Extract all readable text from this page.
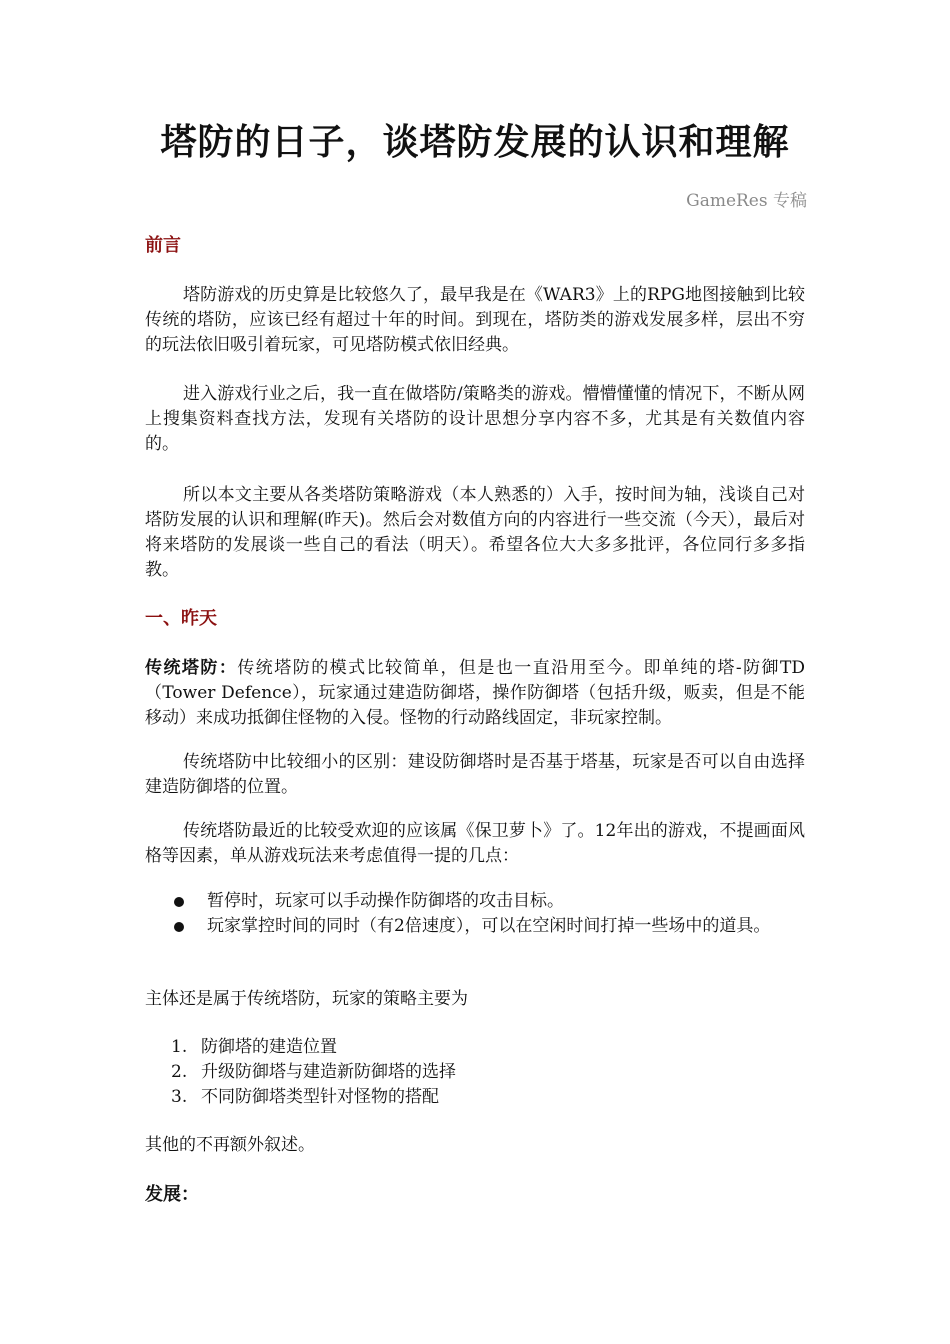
塔防的日子，谈塔防发展的认识和理解
GameRes 专稿
前言

塔防游戏的历史算是比较悠久了，最早我是在《WAR3》上的RPG地图接触到比较传统的塔防，应该已经有超过十年的时间。到现在，塔防类的游戏发展多样，层出不穷的玩法依旧吸引着玩家，可见塔防模式依旧经典。

进入游戏行业之后，我一直在做塔防/策略类的游戏。懵懵懂懂的情况下，不断从网上搜集资料查找方法，发现有关塔防的设计思想分享内容不多，尤其是有关数值内容的。

所以本文主要从各类塔防策略游戏（本人熟悉的）入手，按时间为轴，浅谈自己对塔防发展的认识和理解(昨天)。然后会对数值方向的内容进行一些交流（今天），最后对将来塔防的发展谈一些自己的看法（明天）。希望各位大大多多批评，各位同行多多指教。

一、昨天

传统塔防：传统塔防的模式比较简单，但是也一直沿用至今。即单纯的塔-防御TD（Tower Defence），玩家通过建造防御塔，操作防御塔（包括升级，贩卖，但是不能移动）来成功抵御住怪物的入侵。怪物的行动路线固定，非玩家控制。

传统塔防中比较细小的区别：建设防御塔时是否基于塔基，玩家是否可以自由选择建造防御塔的位置。

传统塔防最近的比较受欢迎的应该属《保卫萝卜》了。12年出的游戏，不提画面风格等因素，单从游戏玩法来考虑值得一提的几点：

暂停时，玩家可以手动操作防御塔的攻击目标。
玩家掌控时间的同时（有2倍速度），可以在空闲时间打掉一些场中的道具。

主体还是属于传统塔防，玩家的策略主要为

1. 防御塔的建造位置
2. 升级防御塔与建造新防御塔的选择
3. 不同防御塔类型针对怪物的搭配

其他的不再额外叙述。

发展：
